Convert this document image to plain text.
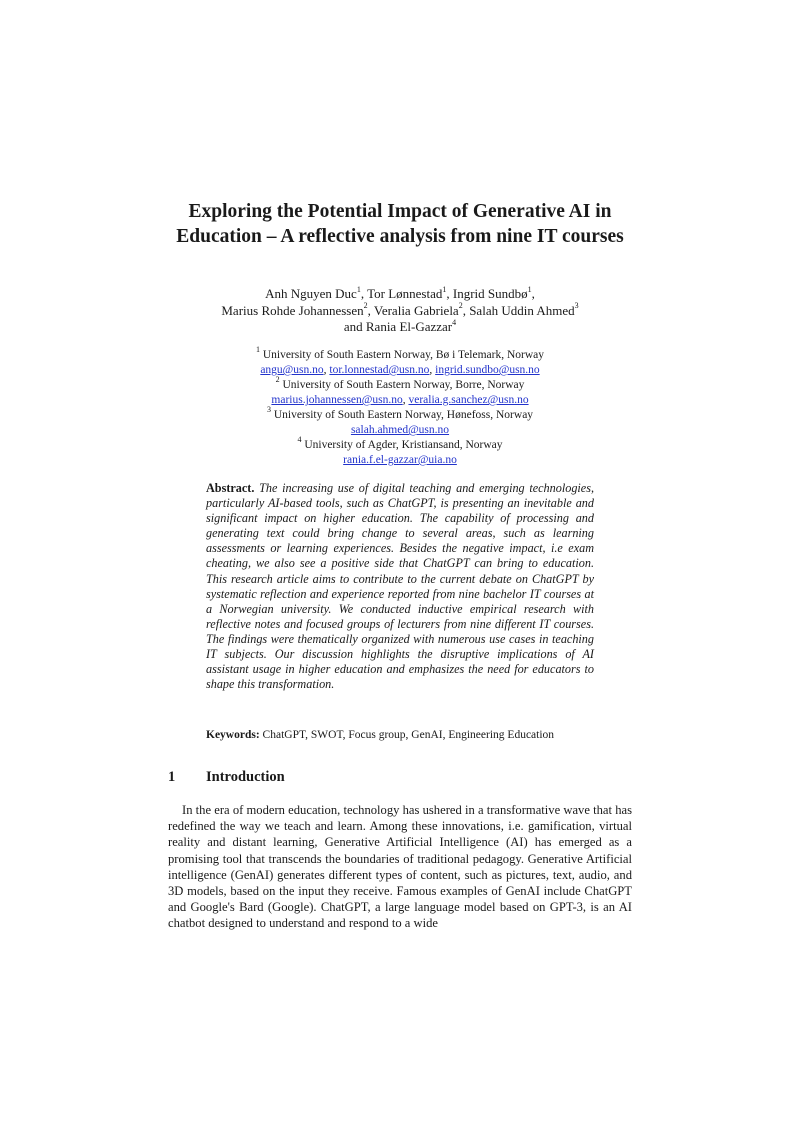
Exploring the Potential Impact of Generative AI in
Education – A reflective analysis from nine IT courses
Anh Nguyen Duc$^1$, Tor Lønnestad$^1$, Ingrid Sundbø$^1$,
Marius Rohde Johannessen$^2$, Veralia Gabriela$^2$, Salah Uddin Ahmed$^3$
and Rania El-Gazzar$^4$
$^1$ University of South Eastern Norway, Bø i Telemark, Norway
angu@usn.no, tor.lonnestad@usn.no, ingrid.sundbo@usn.no
$^2$ University of South Eastern Norway, Borre, Norway
marius.johannessen@usn.no, veralia.g.sanchez@usn.no
$^3$ University of South Eastern Norway, Hønefoss, Norway
salah.ahmed@usn.no
$^4$ University of Agder, Kristiansand, Norway
rania.f.el-gazzar@uia.no
Abstract. The increasing use of digital teaching and emerging technologies, particularly AI-based tools, such as ChatGPT, is presenting an inevitable and significant impact on higher education. The capability of processing and generating text could bring change to several areas, such as learning assessments or learning experiences. Besides the negative impact, i.e exam cheating, we also see a positive side that ChatGPT can bring to education. This research article aims to contribute to the current debate on ChatGPT by systematic reflection and experience reported from nine bachelor IT courses at a Norwegian university. We conducted inductive empirical research with reflective notes and focused groups of lecturers from nine different IT courses. The findings were thematically organized with numerous use cases in teaching IT subjects. Our discussion highlights the disruptive implications of AI assistant usage in higher education and emphasizes the need for educators to shape this transformation.
Keywords: ChatGPT, SWOT, Focus group, GenAI, Engineering Education
1 Introduction
In the era of modern education, technology has ushered in a transformative wave that has redefined the way we teach and learn. Among these innovations, i.e. gamification, virtual reality and distant learning, Generative Artificial Intelligence (AI) has emerged as a promising tool that transcends the boundaries of traditional pedagogy. Generative Artificial intelligence (GenAI) generates different types of content, such as pictures, text, audio, and 3D models, based on the input they receive. Famous examples of GenAI include ChatGPT and Google's Bard (Google). ChatGPT, a large language model based on GPT-3, is an AI chatbot designed to understand and respond to a wide
